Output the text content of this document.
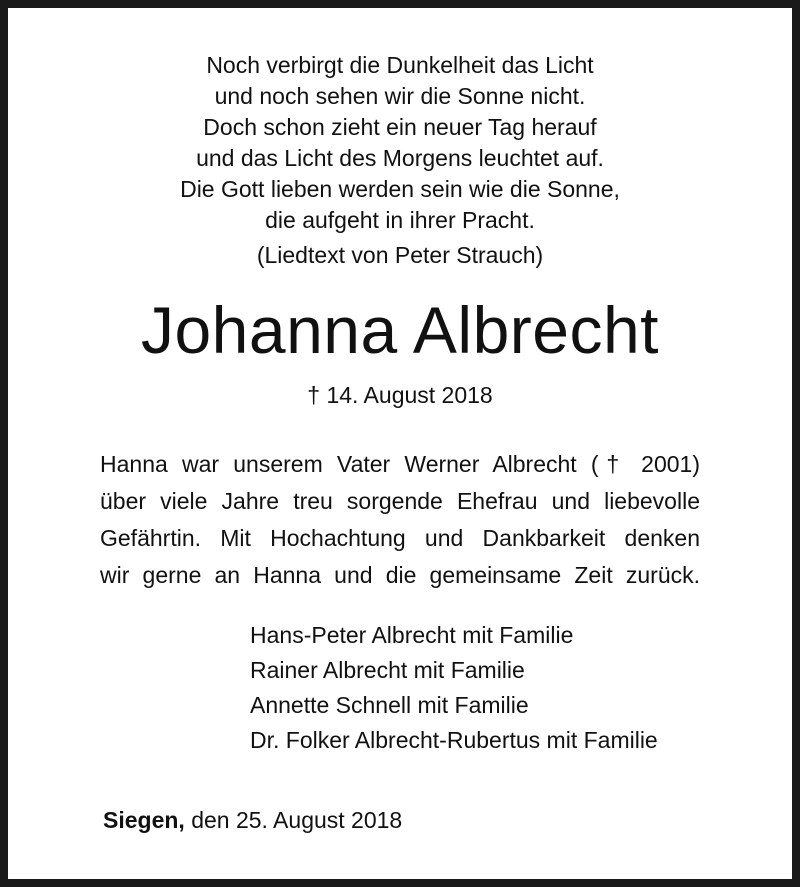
Noch verbirgt die Dunkelheit das Licht
und noch sehen wir die Sonne nicht.
Doch schon zieht ein neuer Tag herauf
und das Licht des Morgens leuchtet auf.
Die Gott lieben werden sein wie die Sonne,
die aufgeht in ihrer Pracht.
(Liedtext von Peter Strauch)
Johanna Albrecht
† 14. August 2018
Hanna war unserem Vater Werner Albrecht († 2001)
über viele Jahre treu sorgende Ehefrau und liebevolle
Gefährtin. Mit Hochachtung und Dankbarkeit denken
wir gerne an Hanna und die gemeinsame Zeit zurück.
Hans-Peter Albrecht mit Familie
Rainer Albrecht mit Familie
Annette Schnell mit Familie
Dr. Folker Albrecht-Rubertus mit Familie
Siegen, den 25. August 2018
